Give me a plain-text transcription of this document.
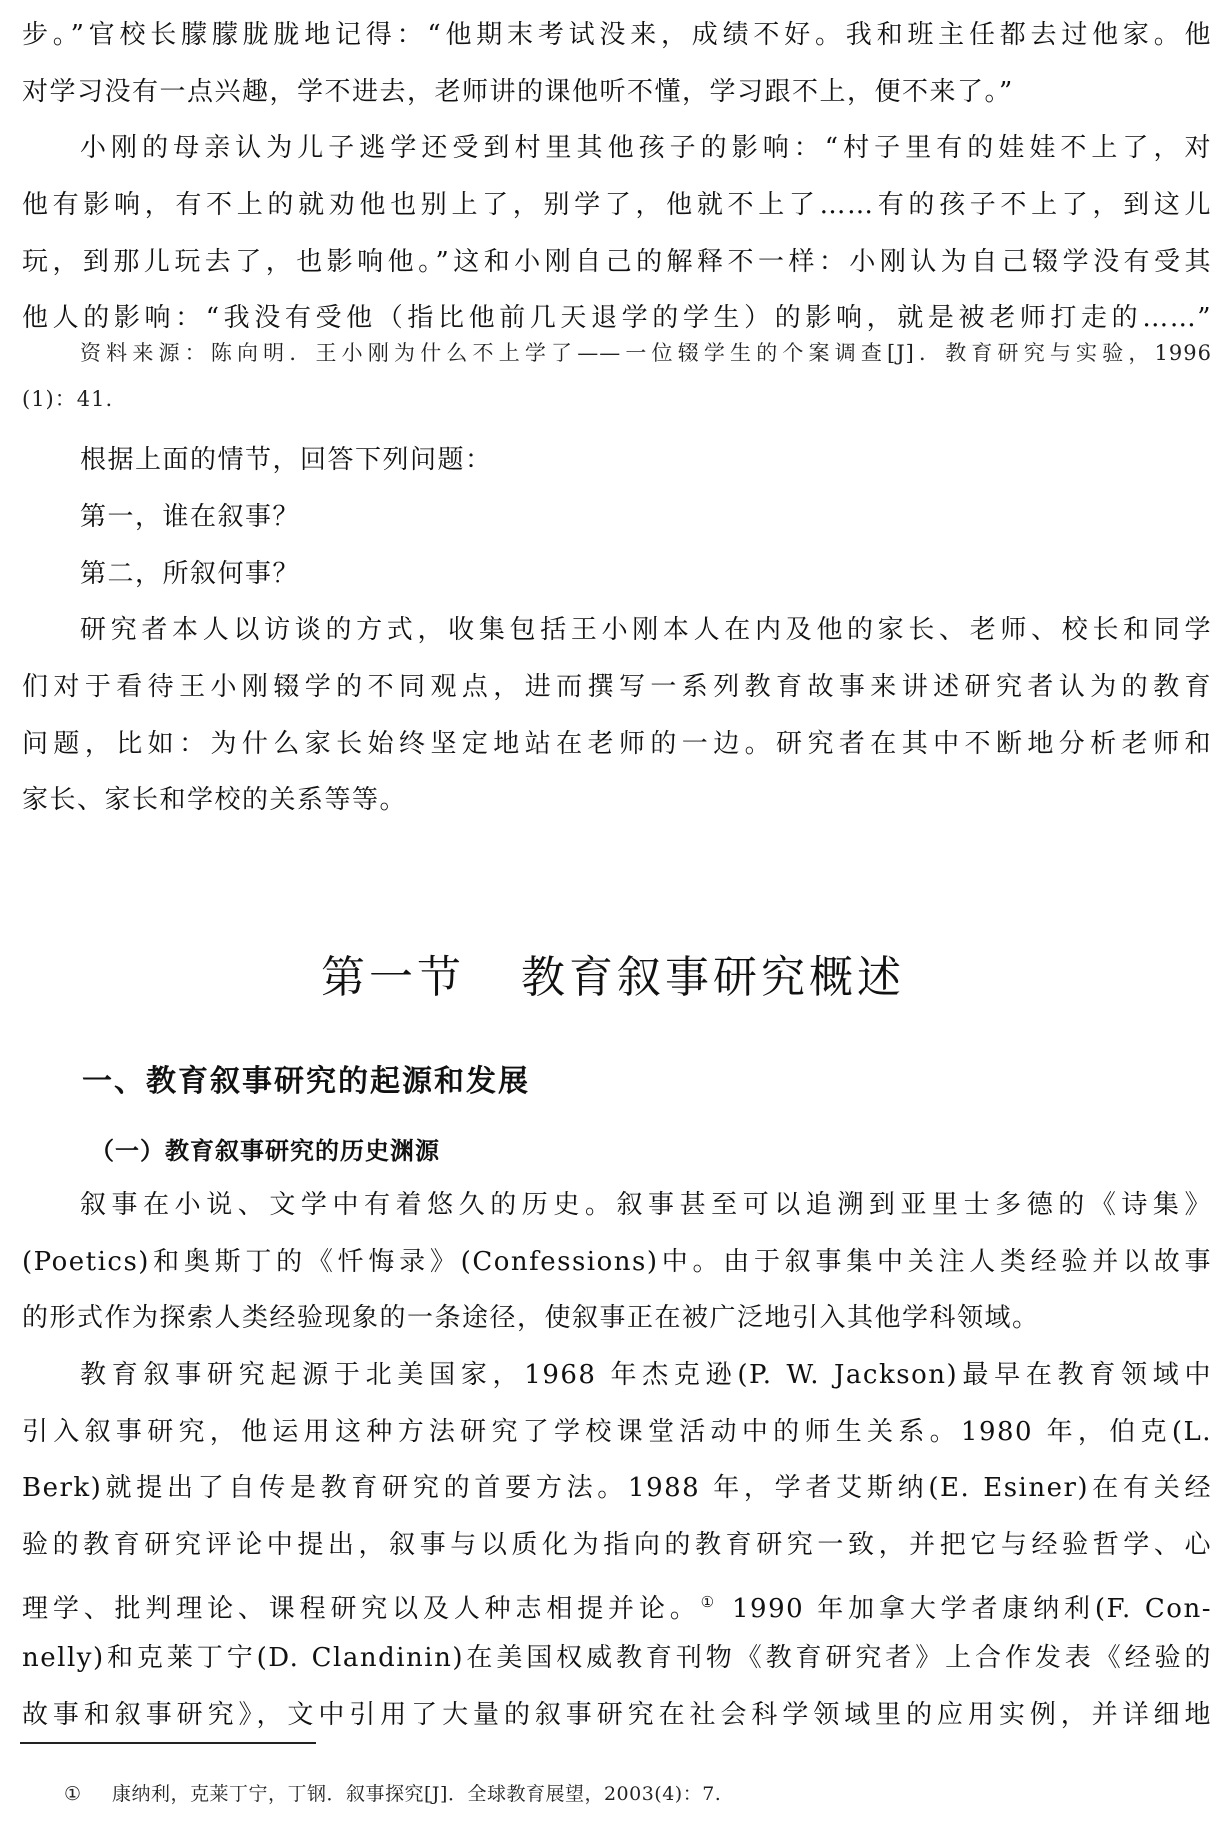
步。”官校长朦朦胧胧地记得：“他期末考试没来，成绩不好。我和班主任都去过他家。他
对学习没有一点兴趣，学不进去，老师讲的课他听不懂，学习跟不上，便不来了。”
小刚的母亲认为儿子逃学还受到村里其他孩子的影响：“村子里有的娃娃不上了，对
他有影响，有不上的就劝他也别上了，别学了，他就不上了……有的孩子不上了，到这儿
玩，到那儿玩去了，也影响他。”这和小刚自己的解释不一样：小刚认为自己辍学没有受其
他人的影响：“我没有受他（指比他前几天退学的学生）的影响，就是被老师打走的……”
资料来源：陈向明．王小刚为什么不上学了——一位辍学生的个案调查[J]．教育研究与实验，1996
(1)：41.
根据上面的情节，回答下列问题：
第一，谁在叙事？
第二，所叙何事？
研究者本人以访谈的方式，收集包括王小刚本人在内及他的家长、老师、校长和同学
们对于看待王小刚辍学的不同观点，进而撰写一系列教育故事来讲述研究者认为的教育
问题，比如：为什么家长始终坚定地站在老师的一边。研究者在其中不断地分析老师和
家长、家长和学校的关系等等。
第一节 教育叙事研究概述
一、教育叙事研究的起源和发展
（一）教育叙事研究的历史渊源
叙事在小说、文学中有着悠久的历史。叙事甚至可以追溯到亚里士多德的《诗集》
(Poetics)和奥斯丁的《忏悔录》(Confessions)中。由于叙事集中关注人类经验并以故事
的形式作为探索人类经验现象的一条途径，使叙事正在被广泛地引入其他学科领域。
教育叙事研究起源于北美国家，1968 年杰克逊(P. W. Jackson)最早在教育领域中
引入叙事研究，他运用这种方法研究了学校课堂活动中的师生关系。1980 年，伯克(L.
Berk)就提出了自传是教育研究的首要方法。1988 年，学者艾斯纳(E. Esiner)在有关经
验的教育研究评论中提出，叙事与以质化为指向的教育研究一致，并把它与经验哲学、心
理学、批判理论、课程研究以及人种志相提并论。① 1990 年加拿大学者康纳利(F. Con-
nelly)和克莱丁宁(D. Clandinin)在美国权威教育刊物《教育研究者》上合作发表《经验的
故事和叙事研究》，文中引用了大量的叙事研究在社会科学领域里的应用实例，并详细地
① 康纳利，克莱丁宁，丁钢．叙事探究[J]．全球教育展望，2003(4)：7.
